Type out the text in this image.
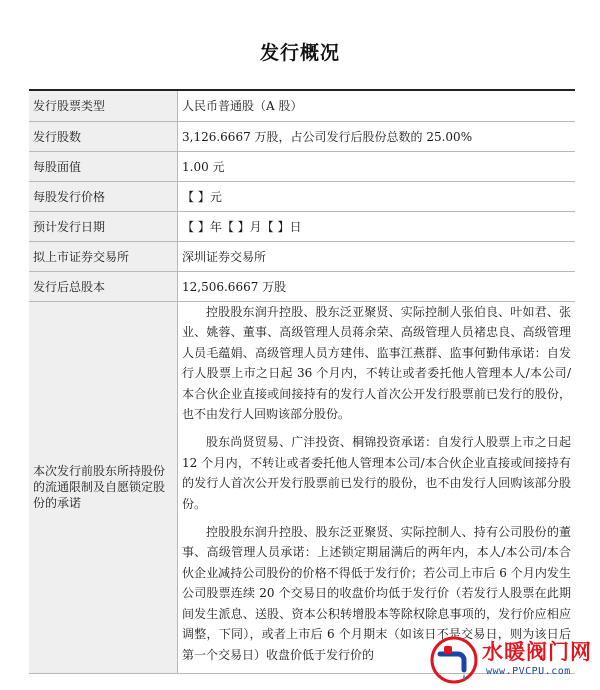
发行概况
发行股票类型	人民币普通股（A 股）
发行股数	3,126.6667 万股，占公司发行后股份总数的 25.00%
每股面值	1.00 元
每股发行价格	【 】元
预计发行日期	【 】年【 】月【 】日
拟上市证券交易所	深圳证券交易所
发行后总股本	12,506.6667 万股
本次发行前股东所持股份的流通限制及自愿锁定股份的承诺	控股股东润升控股、股东泛亚聚贤、实际控制人张伯良、叶如君、张业、姚蓉、董事、高级管理人员蒋余荣、高级管理人员褚忠良、高级管理人员毛蕴娟、高级管理人员方建伟、监事江燕群、监事何勤伟承诺：自发行人股票上市之日起 36 个月内，不转让或者委托他人管理本人/本公司/本合伙企业直接或间接持有的发行人首次公开发行股票前已发行的股份，也不由发行人回购该部分股份。

股东尚贤贸易、广沣投资、桐锦投资承诺：自发行人股票上市之日起 12 个月内，不转让或者委托他人管理本公司/本合伙企业直接或间接持有的发行人首次公开发行股票前已发行的股份，也不由发行人回购该部分股份。

控股股东润升控股、股东泛亚聚贤、实际控制人、持有公司股份的董事、高级管理人员承诺：上述锁定期届满后的两年内，本人/本公司/本合伙企业减持公司股份的价格不得低于发行价；若公司上市后 6 个月内发生公司股票连续 20 个交易日的收盘价均低于发行价（若发行人股票在此期间发生派息、送股、资本公积转增股本等除权除息事项的，发行价应相应调整，下同），或者上市后 6 个月期末（如该日不是交易日，则为该日后第一个交易日）收盘价低于发行价的	水暖阀门网
www.PVCPU.com
